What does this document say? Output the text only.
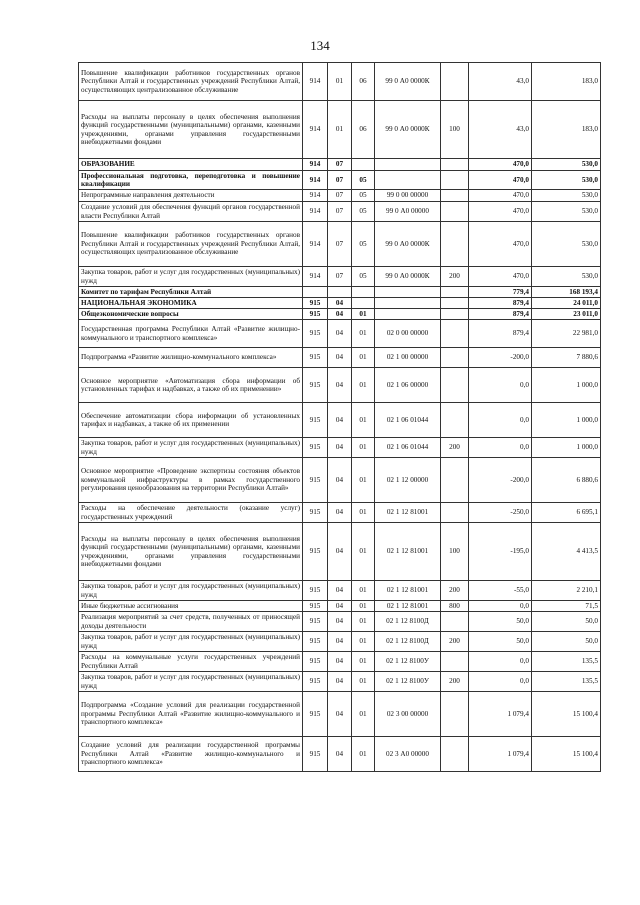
134
Повышение квалификации работников государственных органов Республики Алтай и государственных учреждений Республики Алтай, осуществляющих централизованное обслуживание	914	01	06	99 0 А0 0000К		43,0	183,0
Расходы на выплаты персоналу в целях обеспечения выполнения функций государственными (муниципальными) органами, казенными учреждениями, органами управления государственными внебюджетными фондами	914	01	06	99 0 А0 0000К	100	43,0	183,0
ОБРАЗОВАНИЕ	914	07				470,0	530,0
Профессиональная подготовка, переподготовка и повышение квалификации	914	07	05			470,0	530,0
Непрограммные направления деятельности	914	07	05	99 0 00 00000		470,0	530,0
Создание условий для обеспечения функций органов государственной власти Республики Алтай	914	07	05	99 0 А0 00000		470,0	530,0
Повышение квалификации работников государственных органов Республики Алтай и государственных учреждений Республики Алтай, осуществляющих централизованное обслуживание	914	07	05	99 0 А0 0000К		470,0	530,0
Закупка товаров, работ и услуг для государственных (муниципальных) нужд	914	07	05	99 0 А0 0000К	200	470,0	530,0
Комитет по тарифам Республики Алтай						779,4	168 193,4
НАЦИОНАЛЬНАЯ ЭКОНОМИКА	915	04				879,4	24 011,0
Общеэкономические вопросы	915	04	01			879,4	23 011,0
Государственная программа Республики Алтай «Развитие жилищно-коммунального и транспортного комплекса»	915	04	01	02 0 00 00000		879,4	22 981,0
Подпрограмма «Развитие жилищно-коммунального комплекса»	915	04	01	02 1 00 00000		-200,0	7 880,6
Основное мероприятие «Автоматизация сбора информации об установленных тарифах и надбавках, а также об их применении»	915	04	01	02 1 06 00000		0,0	1 000,0
Обеспечение автоматизации сбора информации об установленных тарифах и надбавках, а также об их применении	915	04	01	02 1 06 01044		0,0	1 000,0
Закупка товаров, работ и услуг для государственных (муниципальных) нужд	915	04	01	02 1 06 01044	200	0,0	1 000,0
Основное мероприятие «Проведение экспертизы состояния объектов коммунальной инфраструктуры в рамках государственного регулирования ценообразования на территории Республики Алтай»	915	04	01	02 1 12 00000		-200,0	6 880,6
Расходы на обеспечение деятельности (оказание услуг) государственных учреждений	915	04	01	02 1 12 81001		-250,0	6 695,1
Расходы на выплаты персоналу в целях обеспечения выполнения функций государственными (муниципальными) органами, казенными учреждениями, органами управления государственными внебюджетными фондами	915	04	01	02 1 12 81001	100	-195,0	4 413,5
Закупка товаров, работ и услуг для государственных (муниципальных) нужд	915	04	01	02 1 12 81001	200	-55,0	2 210,1
Иные бюджетные ассигнования	915	04	01	02 1 12 81001	800	0,0	71,5
Реализация мероприятий за счет средств, полученных от приносящей доходы деятельности	915	04	01	02 1 12 8100Д		50,0	50,0
Закупка товаров, работ и услуг для государственных (муниципальных) нужд	915	04	01	02 1 12 8100Д	200	50,0	50,0
Расходы на коммунальные услуги государственных учреждений Республики Алтай	915	04	01	02 1 12 8100У		0,0	135,5
Закупка товаров, работ и услуг для государственных (муниципальных) нужд	915	04	01	02 1 12 8100У	200	0,0	135,5
Подпрограмма «Создание условий для реализации государственной программы Республики Алтай «Развитие жилищно-коммунального и транспортного комплекса»	915	04	01	02 3 00 00000		1 079,4	15 100,4
Создание условий для реализации государственной программы Республики Алтай «Развитие жилищно-коммунального и транспортного комплекса»	915	04	01	02 3 А0 00000		1 079,4	15 100,4
